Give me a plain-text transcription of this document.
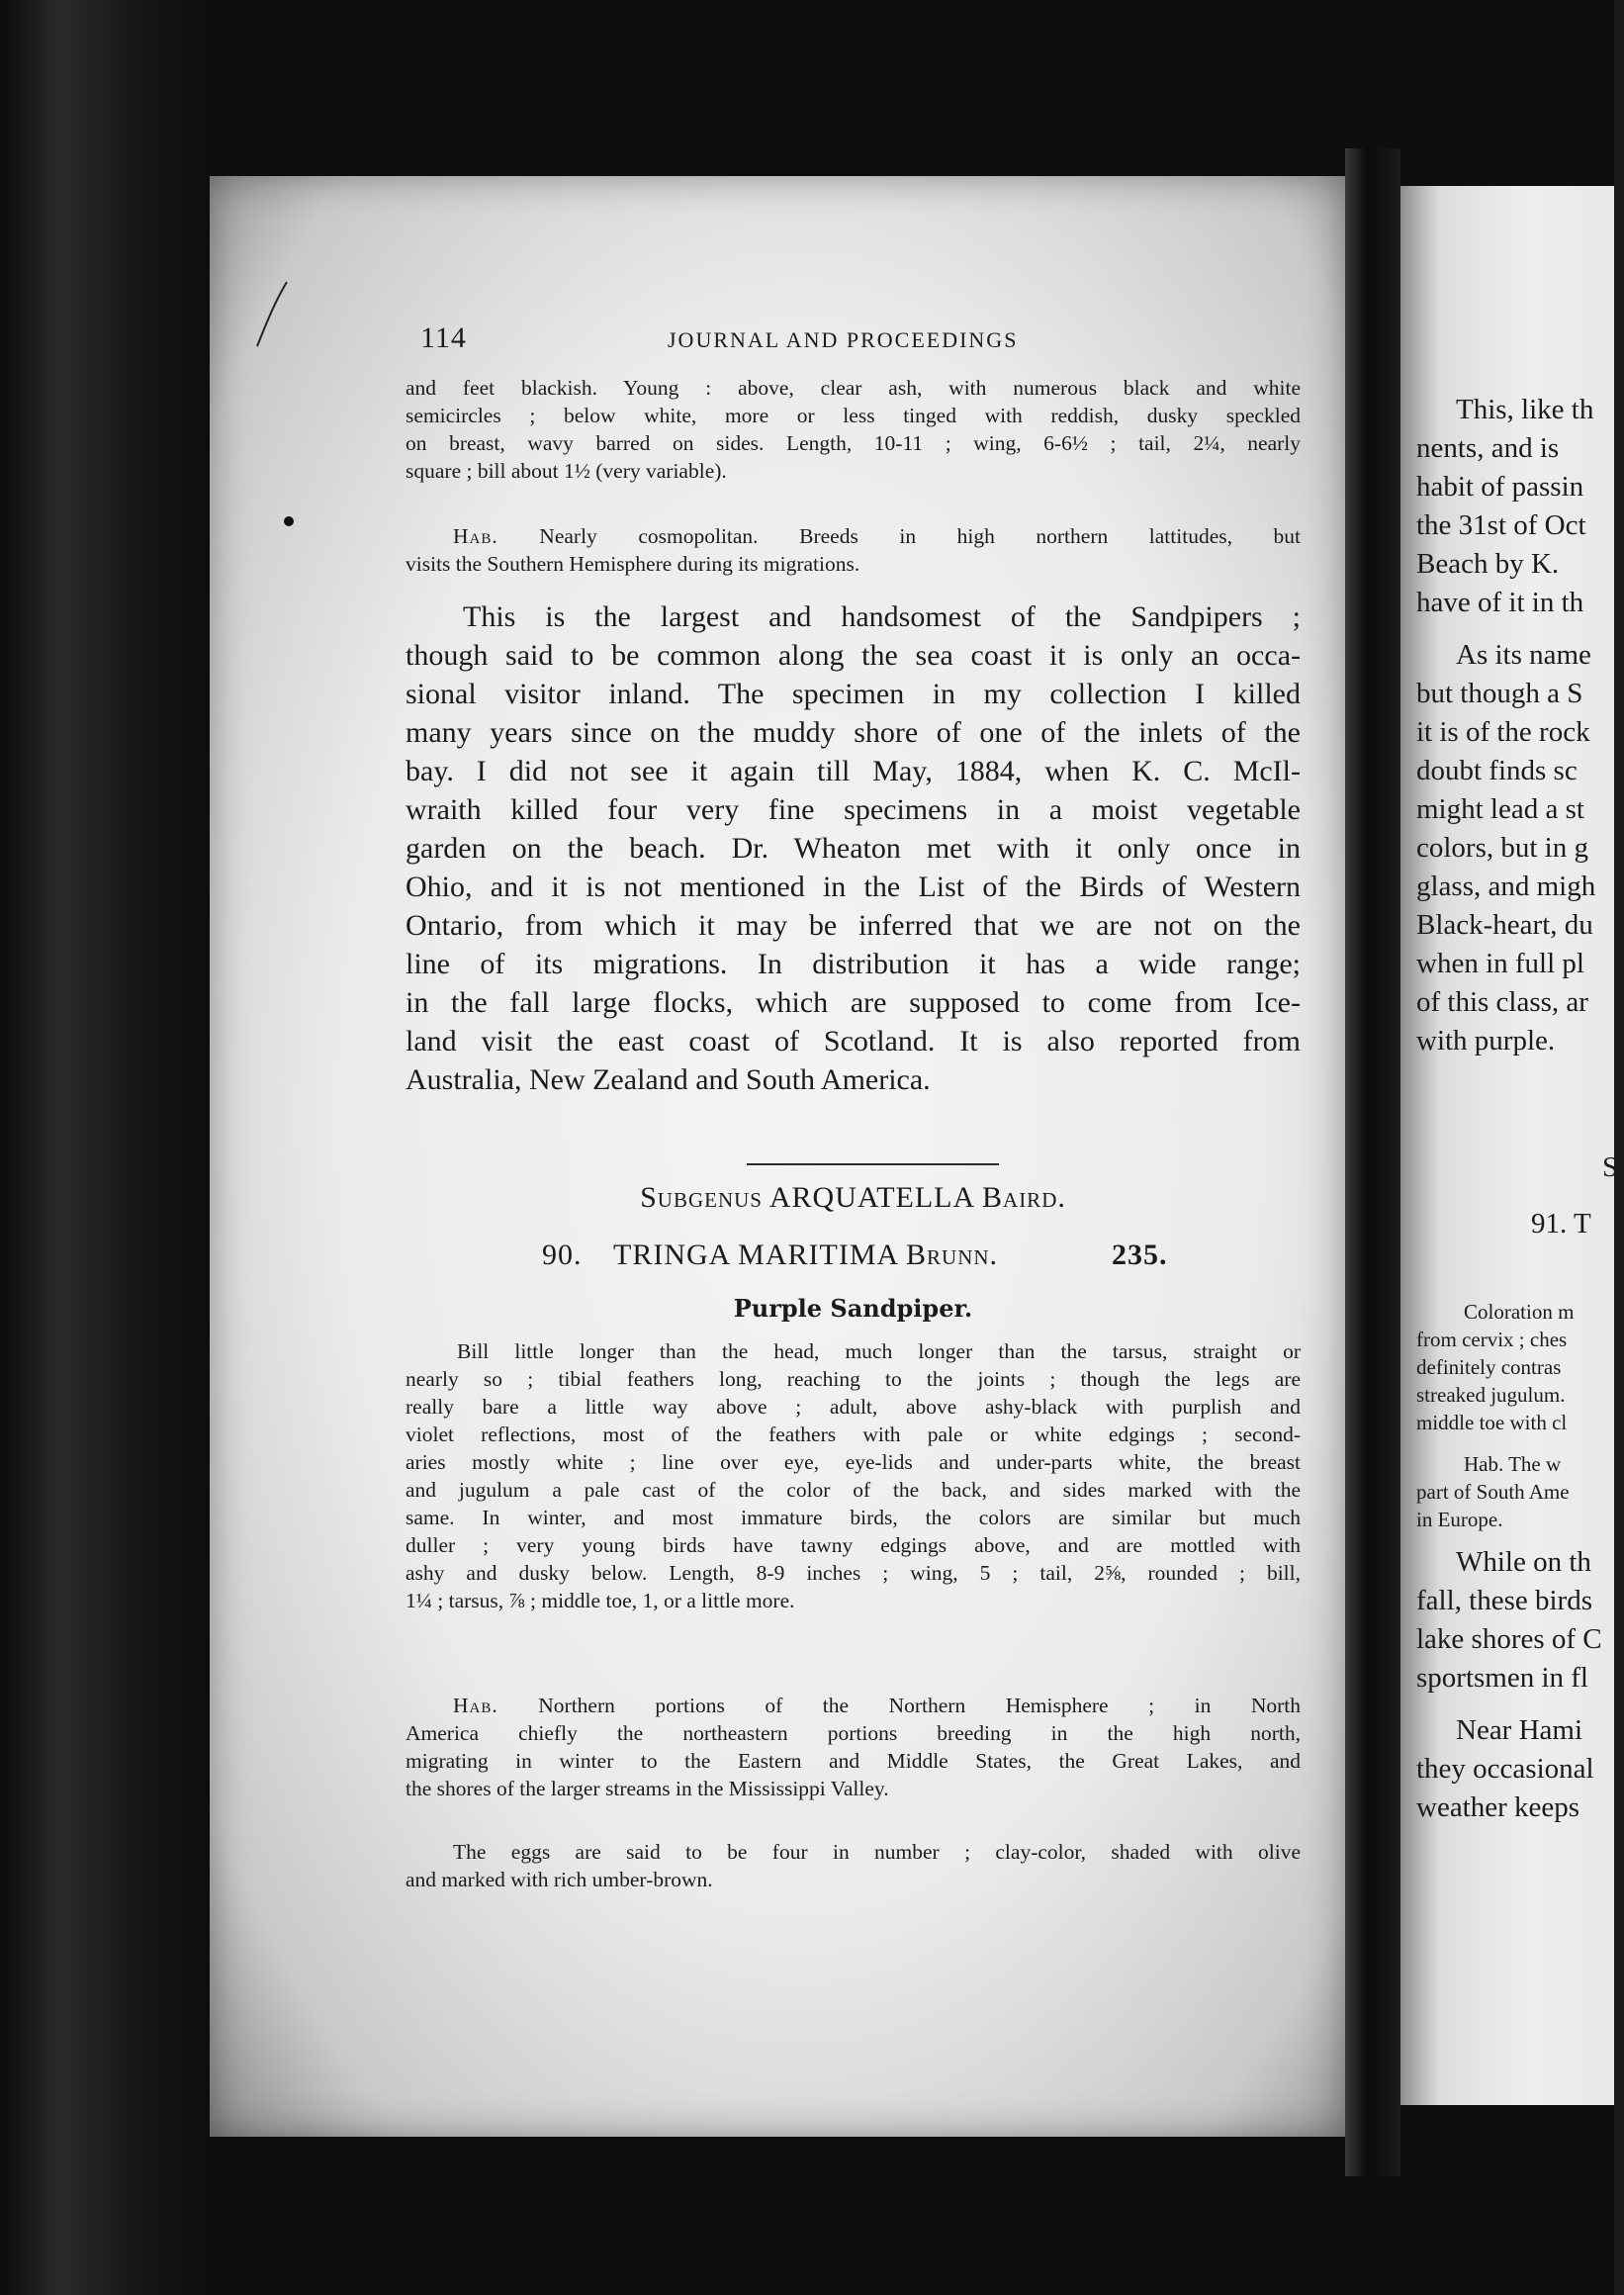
114	JOURNAL AND PROCEEDINGS

and feet blackish. Young : above, clear ash, with numerous black and white

semicircles ; below white, more or less tinged with reddish, dusky speckled

on breast, wavy barred on sides. Length, 10-11 ; wing, 6-6½ ; tail, 2¼, nearly

square ; bill about 1½ (very variable).

Hab. Nearly cosmopolitan. Breeds in high northern lattitudes, but

visits the Southern Hemisphere during its migrations.

This is the largest and handsomest of the Sandpipers ;

though said to be common along the sea coast it is only an occa-

sional visitor inland. The specimen in my collection I killed

many years since on the muddy shore of one of the inlets of the

bay. I did not see it again till May, 1884, when K. C. McIl-

wraith killed four very fine specimens in a moist vegetable

garden on the beach. Dr. Wheaton met with it only once in

Ohio, and it is not mentioned in the List of the Birds of Western

Ontario, from which it may be inferred that we are not on the

line of its migrations. In distribution it has a wide range;

in the fall large flocks, which are supposed to come from Ice-

land visit the east coast of Scotland. It is also reported from

Australia, New Zealand and South America.

Subgenus ARQUATELLA Baird.
90. TRINGA MARITIMA Brunn.	235.
Purple Sandpiper.

Bill little longer than the head, much longer than the tarsus, straight or

nearly so ; tibial feathers long, reaching to the joints ; though the legs are

really bare a little way above ; adult, above ashy-black with purplish and

violet reflections, most of the feathers with pale or white edgings ; second-

aries mostly white ; line over eye, eye-lids and under-parts white, the breast

and jugulum a pale cast of the color of the back, and sides marked with the

same. In winter, and most immature birds, the colors are similar but much

duller ; very young birds have tawny edgings above, and are mottled with

ashy and dusky below. Length, 8-9 inches ; wing, 5 ; tail, 2⅝, rounded ; bill,

1¼ ; tarsus, ⅞ ; middle toe, 1, or a little more.

Hab. Northern portions of the Northern Hemisphere ; in North

America chiefly the northeastern portions breeding in the high north,

migrating in winter to the Eastern and Middle States, the Great Lakes, and

the shores of the larger streams in the Mississippi Valley.

The eggs are said to be four in number ; clay-color, shaded with olive

and marked with rich umber-brown.

This, like th

nents, and is

habit of passin

the 31st of Oct

Beach by K.

have of it in th

As its name

but though a S

it is of the rock

doubt finds sc

might lead a st

colors, but in g

glass, and migh

Black-heart, du

when in full pl

of this class, ar

with purple.

S

91. T

Coloration m

from cervix ; ches

definitely contras

streaked jugulum.

middle toe with cl

Hab. The w

part of South Ame

in Europe.

While on th

fall, these birds

lake shores of C

sportsmen in fl

Near Hami

they occasional

weather keeps
